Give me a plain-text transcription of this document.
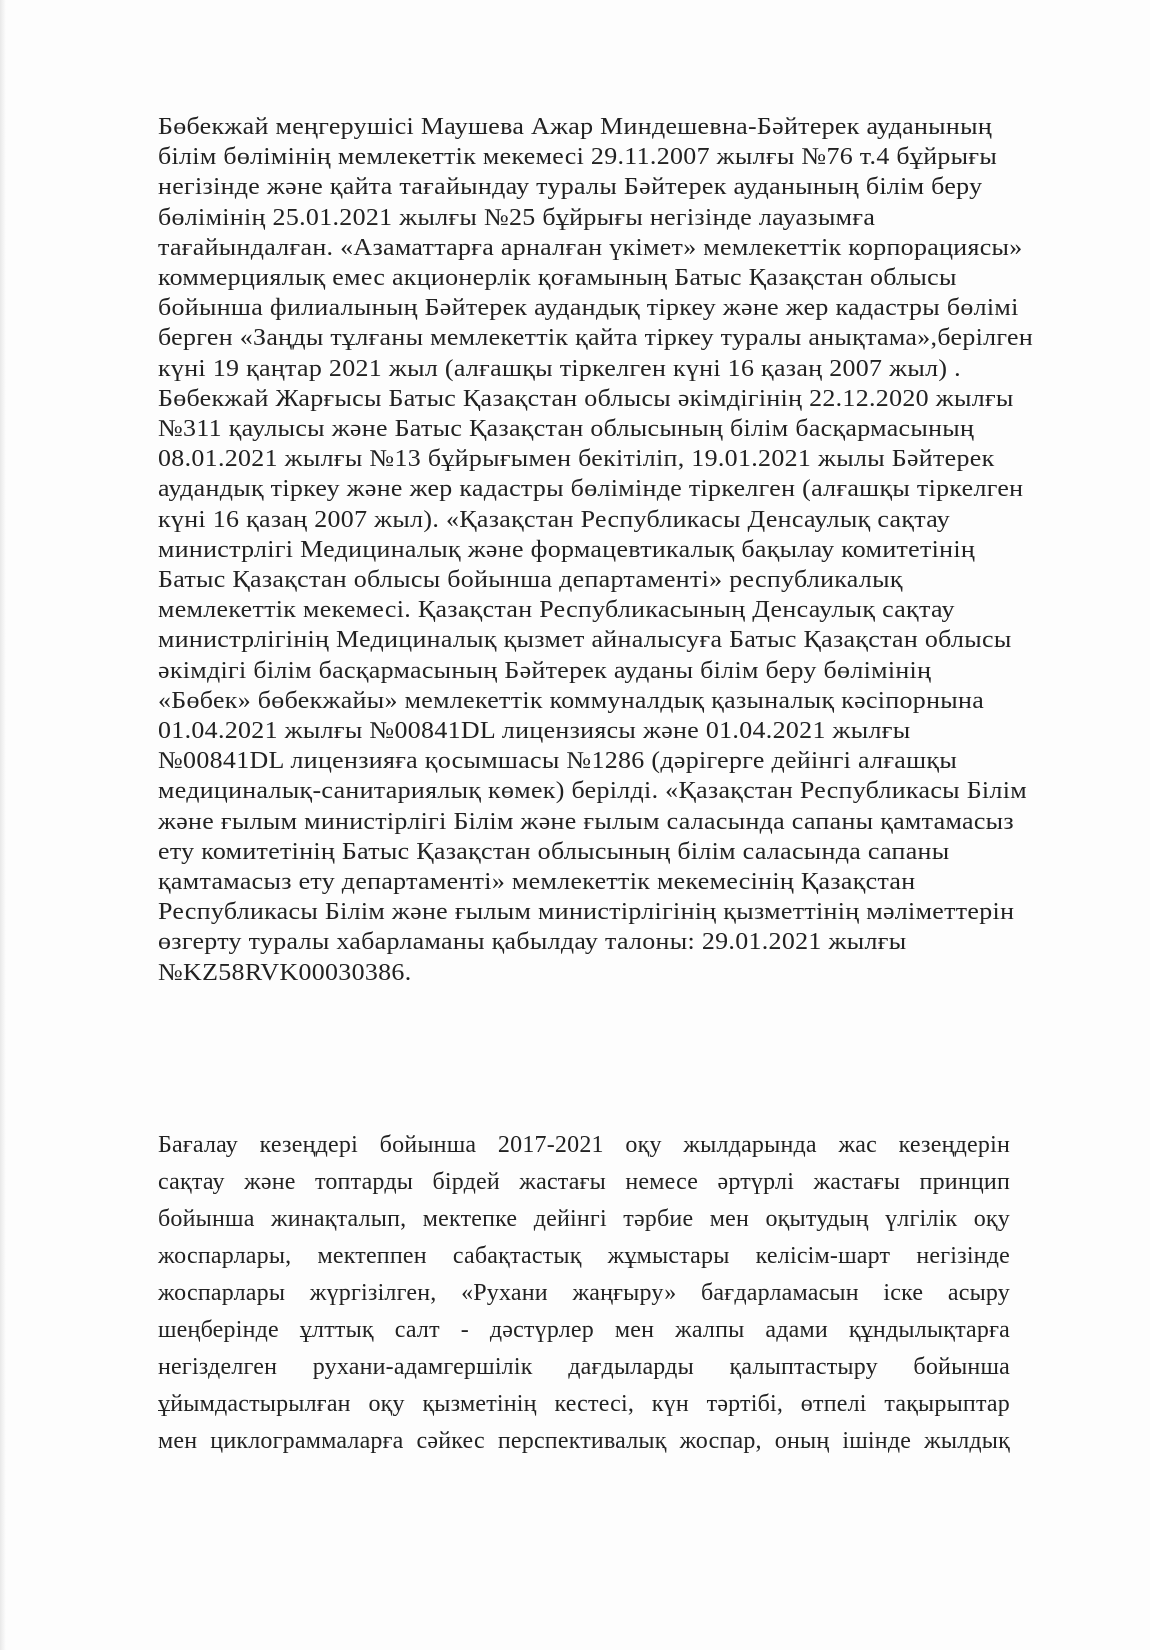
Бөбекжай меңгерушісі Маушева Ажар Миндешевна-Бәйтерек ауданының
білім бөлімінің мемлекеттік мекемесі 29.11.2007 жылғы №76 т.4 бұйрығы
негізінде және қайта тағайындау туралы Бәйтерек ауданының білім беру
бөлімінің 25.01.2021 жылғы №25 бұйрығы негізінде лауазымға
тағайындалған. «Азаматтарға арналған үкімет» мемлекеттік корпорациясы»
коммерциялық емес акционерлік қоғамының Батыс Қазақстан облысы
бойынша филиалының Бәйтерек аудандық тіркеу және жер кадастры бөлімі
берген «Заңды тұлғаны мемлекеттік қайта тіркеу туралы анықтама»,берілген
күні 19 қаңтар 2021 жыл (алғашқы тіркелген күні 16 қазаң 2007 жыл) .
Бөбекжай Жарғысы Батыс Қазақстан облысы әкімдігінің 22.12.2020 жылғы
№311 қаулысы және Батыс Қазақстан облысының білім басқармасының
08.01.2021 жылғы №13 бұйрығымен бекітіліп, 19.01.2021 жылы Бәйтерек
аудандық тіркеу және жер кадастры бөлімінде тіркелген (алғашқы тіркелген
күні 16 қазаң 2007 жыл). «Қазақстан Республикасы Денсаулық сақтау
министрлігі Медициналық және формацевтикалық бақылау комитетінің
Батыс Қазақстан облысы бойынша департаменті» республикалық
мемлекеттік мекемесі. Қазақстан Республикасының Денсаулық сақтау
министрлігінің Медициналық қызмет айналысуға Батыс Қазақстан облысы
әкімдігі білім басқармасының Бәйтерек ауданы білім беру бөлімінің
«Бөбек» бөбекжайы» мемлекеттік коммуналдық қазыналық кәсіпорнына
01.04.2021 жылғы №00841DL лицензиясы және 01.04.2021 жылғы
№00841DL лицензияға қосымшасы №1286 (дәрігерге дейінгі алғашқы
медициналық-санитариялық көмек) берілді. «Қазақстан Республикасы Білім
және ғылым министірлігі Білім және ғылым саласында сапаны қамтамасыз
ету комитетінің Батыс Қазақстан облысының білім саласында сапаны
қамтамасыз ету департаменті» мемлекеттік мекемесінің Қазақстан
Республикасы Білім және ғылым министірлігінің қызметтінің мәліметтерін
өзгерту туралы хабарламаны қабылдау талоны: 29.01.2021 жылғы
№KZ58RVK00030386.
Бағалау кезеңдері бойынша 2017-2021 оқу жылдарында жас кезеңдерін
сақтау және топтарды бірдей жастағы немесе әртүрлі жастағы принцип
бойынша жинақталып, мектепке дейінгі тәрбие мен оқытудың үлгілік оқу
жоспарлары, мектеппен сабақтастық жұмыстары келісім-шарт негізінде
жоспарлары жүргізілген, «Рухани жаңғыру» бағдарламасын іске асыру
шеңберінде ұлттық салт - дәстүрлер мен жалпы адами құндылықтарға
негізделген рухани-адамгершілік дағдыларды қалыптастыру бойынша
ұйымдастырылған оқу қызметінің кестесі, күн тәртібі, өтпелі тақырыптар
мен циклограммаларға сәйкес перспективалық жоспар, оның ішінде жылдық
